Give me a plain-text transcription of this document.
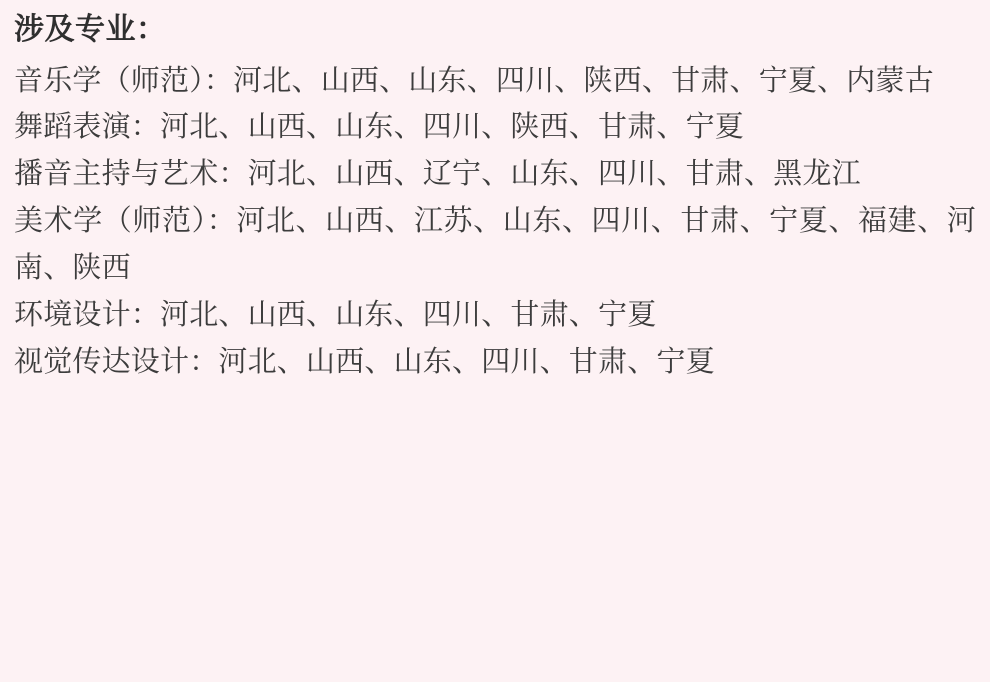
涉及专业：

音乐学（师范）：河北、山西、山东、四川、陕西、甘肃、宁夏、内蒙古

舞蹈表演：河北、山西、山东、四川、陕西、甘肃、宁夏

播音主持与艺术：河北、山西、辽宁、山东、四川、甘肃、黑龙江

美术学（师范）：河北、山西、江苏、山东、四川、甘肃、宁夏、福建、河南、陕西

环境设计：河北、山西、山东、四川、甘肃、宁夏

视觉传达设计：河北、山西、山东、四川、甘肃、宁夏
